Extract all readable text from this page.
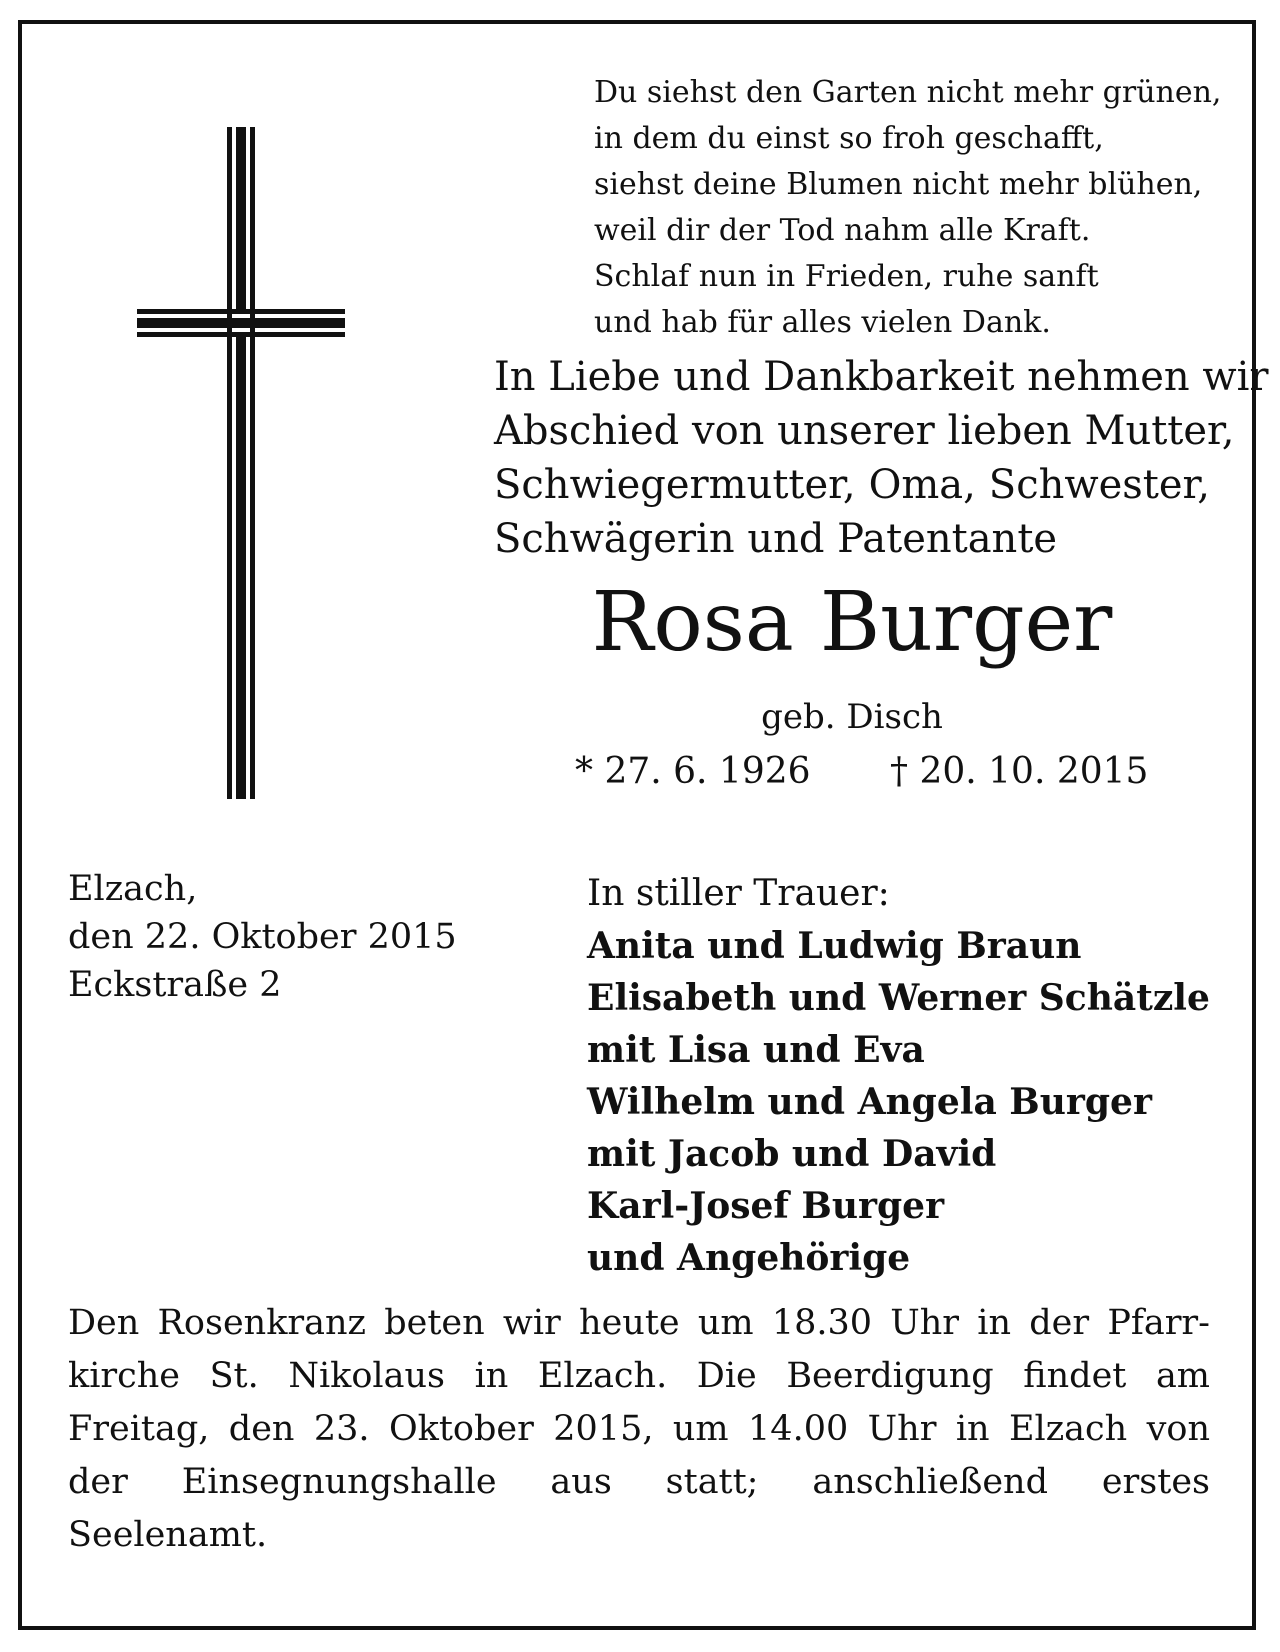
Du siehst den Garten nicht mehr grünen,
in dem du einst so froh geschafft,
siehst deine Blumen nicht mehr blühen,
weil dir der Tod nahm alle Kraft.
Schlaf nun in Frieden, ruhe sanft
und hab für alles vielen Dank.
In Liebe und Dankbarkeit nehmen wir
Abschied von unserer lieben Mutter,
Schwiegermutter, Oma, Schwester,
Schwägerin und Patentante
Rosa Burger
geb. Disch
* 27. 6. 1926 † 20. 10. 2015
Elzach,
den 22. Oktober 2015
Eckstraße 2
In stiller Trauer:
Anita und Ludwig Braun
Elisabeth und Werner Schätzle
mit Lisa und Eva
Wilhelm und Angela Burger
mit Jacob und David
Karl-Josef Burger
und Angehörige
Den Rosenkranz beten wir heute um 18.30 Uhr in der Pfarr-
kirche St. Nikolaus in Elzach. Die Beerdigung findet am
Freitag, den 23. Oktober 2015, um 14.00 Uhr in Elzach von
der Einsegnungshalle aus statt; anschließend erstes
Seelenamt.
